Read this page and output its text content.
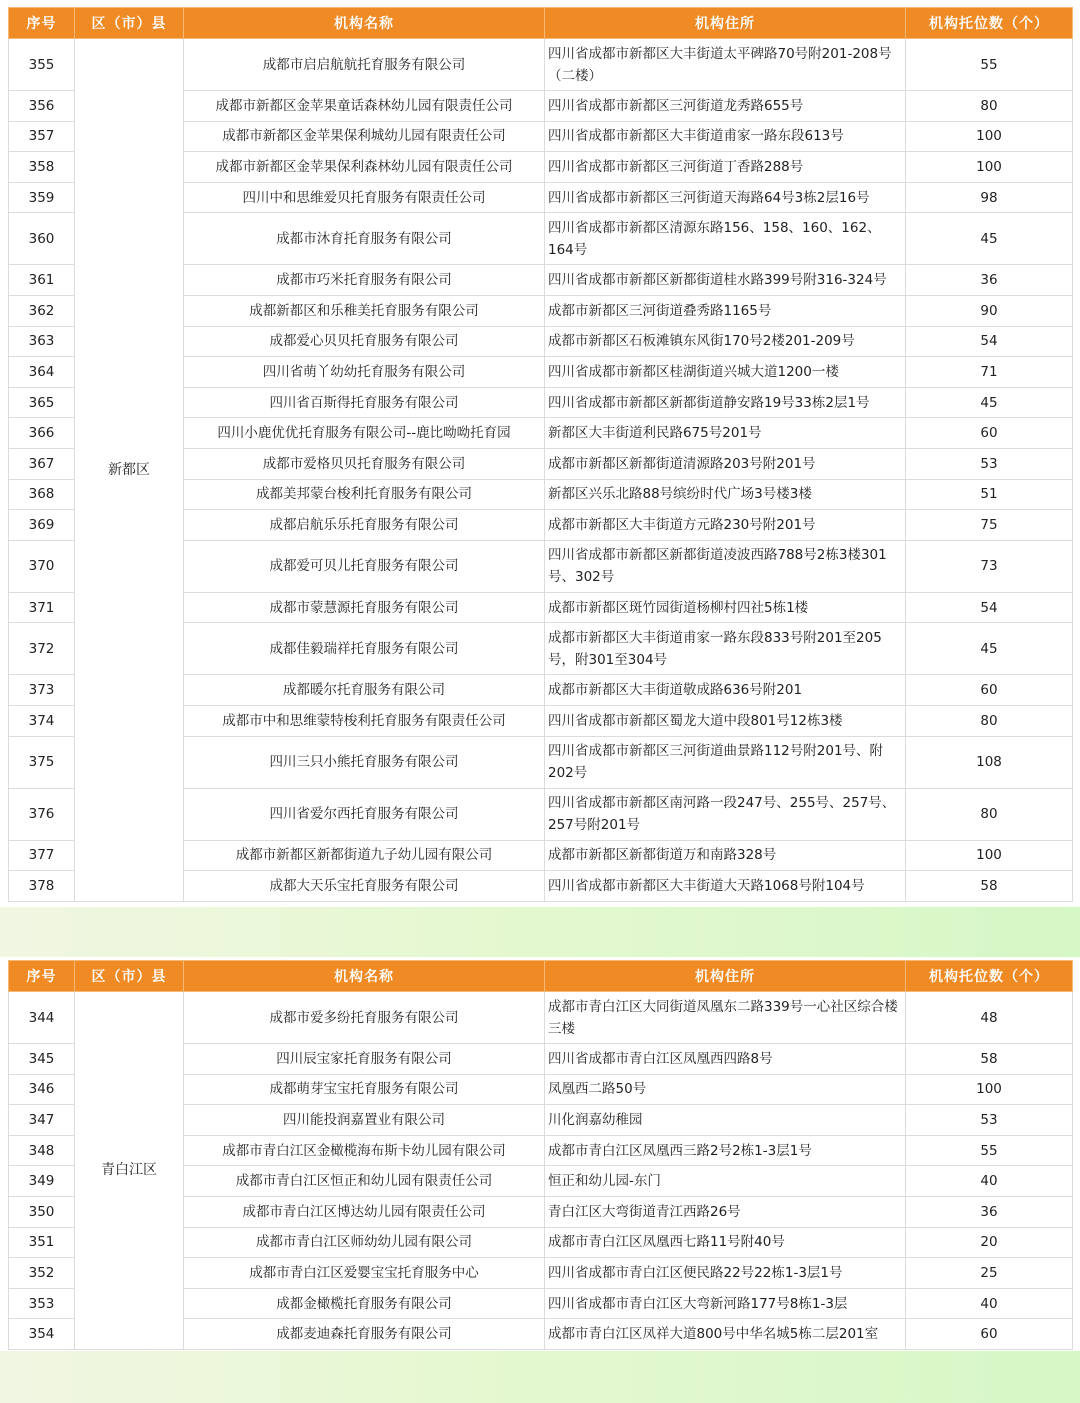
序号	区（市）县	机构名称	机构住所	机构托位数（个）
355	新都区	成都市启启航航托育服务有限公司	四川省成都市新都区大丰街道太平碑路70号附201-208号（二楼）	55
356		成都市新都区金苹果童话森林幼儿园有限责任公司	四川省成都市新都区三河街道龙秀路655号	80
357		成都市新都区金苹果保利城幼儿园有限责任公司	四川省成都市新都区大丰街道甫家一路东段613号	100
358		成都市新都区金苹果保利森林幼儿园有限责任公司	四川省成都市新都区三河街道丁香路288号	100
359		四川中和思维爱贝托育服务有限责任公司	四川省成都市新都区三河街道天海路64号3栋2层16号	98
360		成都市沐育托育服务有限公司	四川省成都市新都区清源东路156、158、160、162、164号	45
361		成都市巧米托育服务有限公司	四川省成都市新都区新都街道桂水路399号附316-324号	36
362		成都新都区和乐稚美托育服务有限公司	成都市新都区三河街道叠秀路1165号	90
363		成都爱心贝贝托育服务有限公司	成都市新都区石板滩镇东风街170号2楼201-209号	54
364		四川省萌丫幼幼托育服务有限公司	四川省成都市新都区桂湖街道兴城大道1200一楼	71
365		四川省百斯得托育服务有限公司	四川省成都市新都区新都街道静安路19号33栋2层1号	45
366		四川小鹿优优托育服务有限公司--鹿比呦呦托育园	新都区大丰街道利民路675号201号	60
367		成都市爱格贝贝托育服务有限公司	成都市新都区新都街道清源路203号附201号	53
368		成都美邦蒙台梭利托育服务有限公司	新都区兴乐北路88号缤纷时代广场3号楼3楼	51
369		成都启航乐乐托育服务有限公司	成都市新都区大丰街道方元路230号附201号	75
370		成都爱可贝儿托育服务有限公司	四川省成都市新都区新都街道凌波西路788号2栋3楼301号、302号	73
371		成都市蒙慧源托育服务有限公司	成都市新都区斑竹园街道杨柳村四社5栋1楼	54
372		成都佳毅瑞祥托育服务有限公司	成都市新都区大丰街道甫家一路东段833号附201至205号，附301至304号	45
373		成都暖尔托育服务有限公司	成都市新都区大丰街道敬成路636号附201	60
374		成都市中和思维蒙特梭利托育服务有限责任公司	四川省成都市新都区蜀龙大道中段801号12栋3楼	80
375		四川三只小熊托育服务有限公司	四川省成都市新都区三河街道曲景路112号附201号、附202号	108
376		四川省爱尔西托育服务有限公司	四川省成都市新都区南河路一段247号、255号、257号、257号附201号	80
377		成都市新都区新都街道九子幼儿园有限公司	成都市新都区新都街道万和南路328号	100
378		成都大天乐宝托育服务有限公司	四川省成都市新都区大丰街道大天路1068号附104号	58
序号	区（市）县	机构名称	机构住所	机构托位数（个）
344	青白江区	成都市爱多纷托育服务有限公司	成都市青白江区大同街道凤凰东二路339号一心社区综合楼三楼	48
345		四川辰宝家托育服务有限公司	四川省成都市青白江区凤凰西四路8号	58
346		成都萌芽宝宝托育服务有限公司	凤凰西二路50号	100
347		四川能投润嘉置业有限公司	川化润嘉幼稚园	53
348		成都市青白江区金橄榄海布斯卡幼儿园有限公司	成都市青白江区凤凰西三路2号2栋1-3层1号	55
349		成都市青白江区恒正和幼儿园有限责任公司	恒正和幼儿园-东门	40
350		成都市青白江区博达幼儿园有限责任公司	青白江区大弯街道青江西路26号	36
351		成都市青白江区师幼幼儿园有限公司	成都市青白江区凤凰西七路11号附40号	20
352		成都市青白江区爱婴宝宝托育服务中心	四川省成都市青白江区便民路22号22栋1-3层1号	25
353		成都金橄榄托育服务有限公司	四川省成都市青白江区大弯新河路177号8栋1-3层	40
354		成都麦迪森托育服务有限公司	成都市青白江区凤祥大道800号中华名城5栋二层201室	60
